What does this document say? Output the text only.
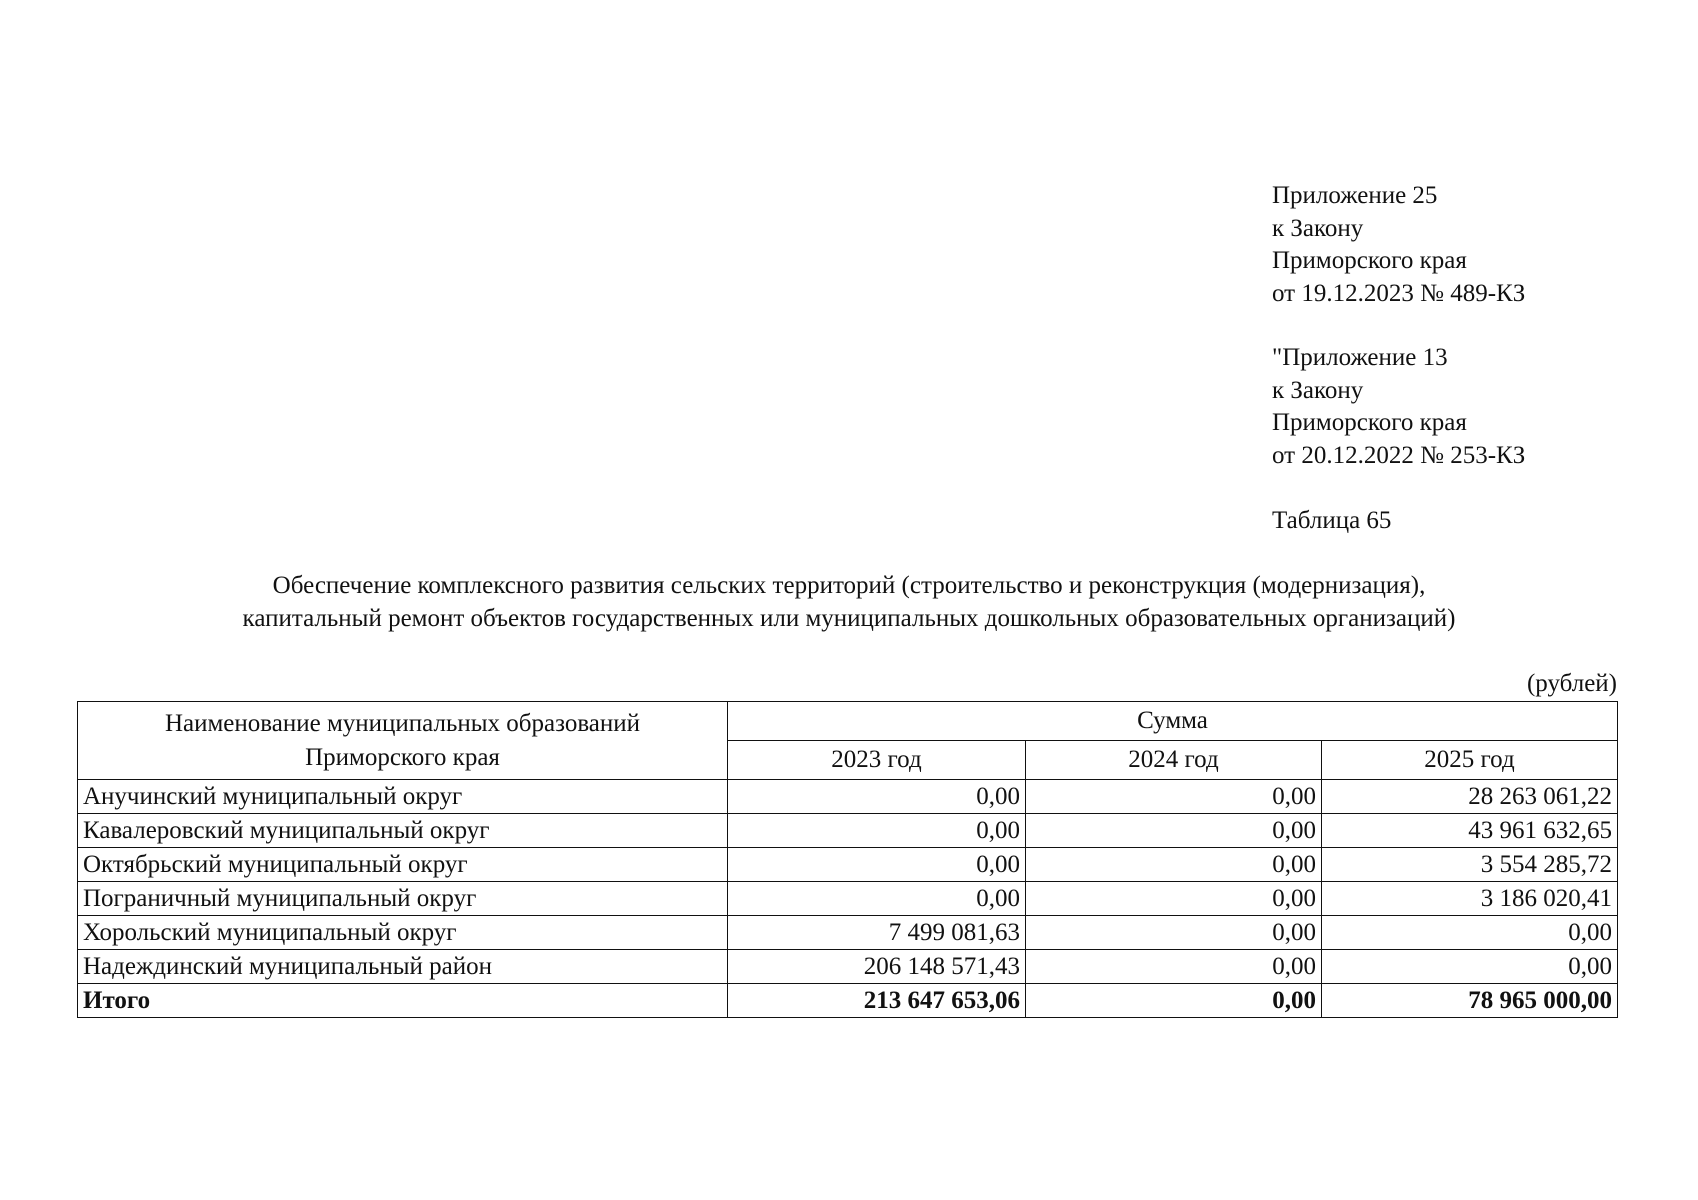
Приложение 25
к Закону
Приморского края
от 19.12.2023 № 489-КЗ
"Приложение 13
к Закону
Приморского края
от 20.12.2022 № 253-КЗ
Таблица 65
Обеспечение комплексного развития сельских территорий (строительство и реконструкция (модернизация),
капитальный ремонт объектов государственных или муниципальных дошкольных образовательных организаций)
(рублей)
Наименование муниципальных образований
Приморского края	Сумма		
	2023 год	2024 год	2025 год
Анучинский муниципальный округ	0,00	0,00	28 263 061,22
Кавалеровский муниципальный округ	0,00	0,00	43 961 632,65
Октябрьский муниципальный округ	0,00	0,00	3 554 285,72
Пограничный муниципальный округ	0,00	0,00	3 186 020,41
Хорольский муниципальный округ	7 499 081,63	0,00	0,00
Надеждинский муниципальный район	206 148 571,43	0,00	0,00
Итого	213 647 653,06	0,00	78 965 000,00
